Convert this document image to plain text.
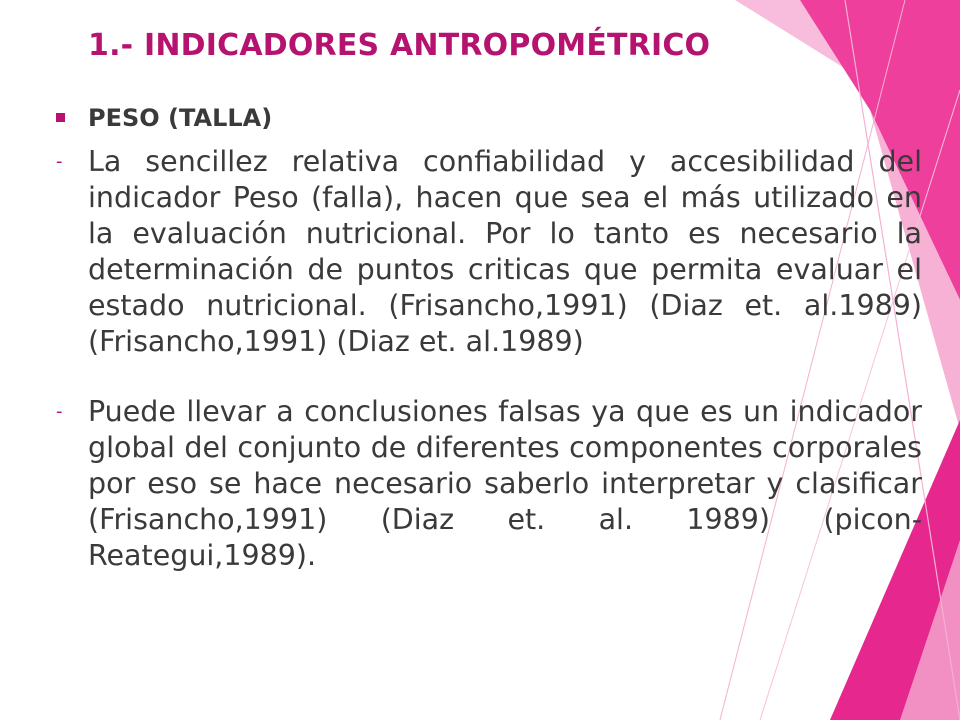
1.- INDICADORES ANTROPOMÉTRICO
PESO (TALLA)
- La sencillez relativa confiabilidad y accesibilidad del indicador Peso (falla), hacen que sea el más utilizado en la evaluación nutricional. Por lo tanto es necesario la determinación de puntos criticas que permita evaluar el estado nutricional. (Frisancho,1991) (Diaz et. al.1989) (Frisancho,1991) (Diaz et. al.1989)
- Puede llevar a conclusiones falsas ya que es un indicador global del conjunto de diferentes componentes corporales por eso se hace necesario saberlo interpretar y clasificar (Frisancho,1991) (Diaz et. al. 1989) (picon-Reategui,1989).
